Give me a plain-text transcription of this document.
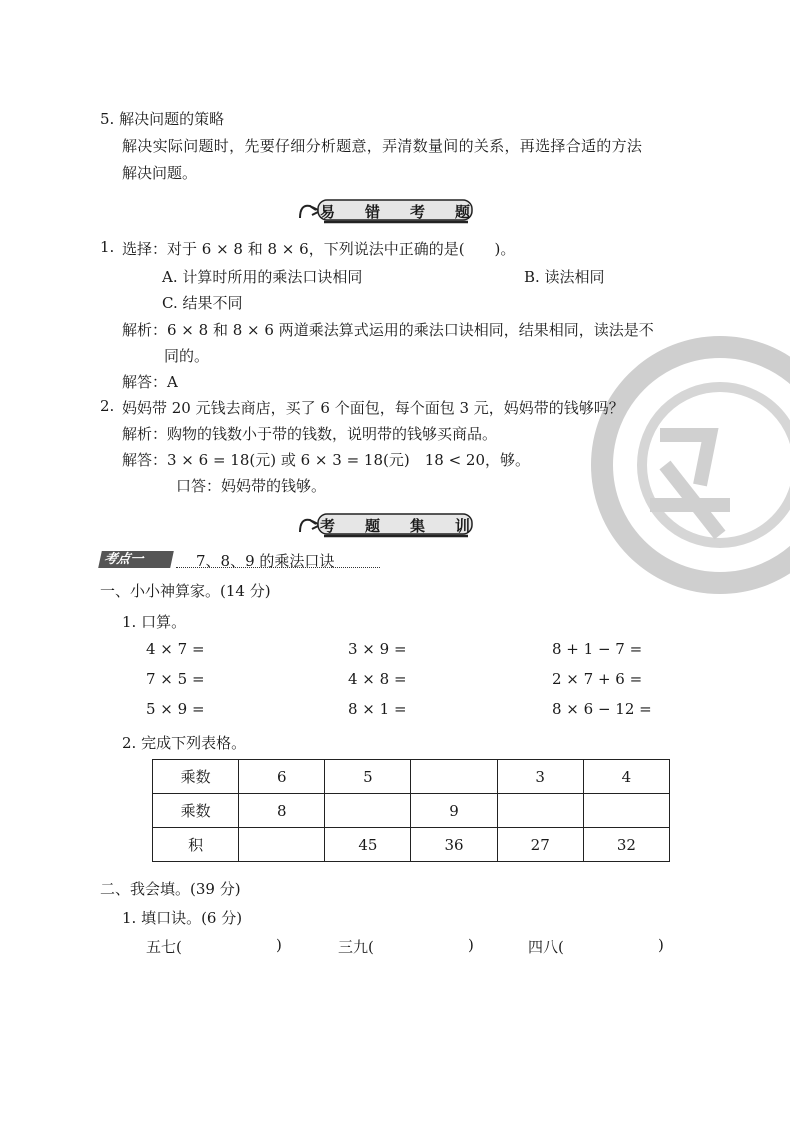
5. 解决问题的策略
解决实际问题时，先要仔细分析题意，弄清数量间的关系，再选择合适的方法
解决问题。
易 错 考 题
1. 选择：对于 6 × 8 和 8 × 6，下列说法中正确的是(　　)。
A. 计算时所用的乘法口诀相同	B. 读法相同
C. 结果不同
解析：6 × 8 和 8 × 6 两道乘法算式运用的乘法口诀相同，结果相同，读法是不
同的。
解答：A
2. 妈妈带 20 元钱去商店，买了 6 个面包，每个面包 3 元，妈妈带的钱够吗？
解析：购物的钱数小于带的钱数，说明带的钱够买商品。
解答：3 × 6 = 18(元) 或 6 × 3 = 18(元)　18 < 20，够。
口答：妈妈带的钱够。
考 题 集 训
考点一	7、8、9 的乘法口诀
一、小小神算家。(14 分)
1. 口算。
4 × 7 =	3 × 9 =	8 + 1 − 7 =
7 × 5 =	4 × 8 =	2 × 7 + 6 =
5 × 9 =	8 × 1 =	8 × 6 − 12 =
2. 完成下列表格。
乘数	6	5		3	4
乘数	8		9		
积		45	36	27	32
二、我会填。(39 分)
1. 填口诀。(6 分)
五七(	)	三九(	)	四八(	)
